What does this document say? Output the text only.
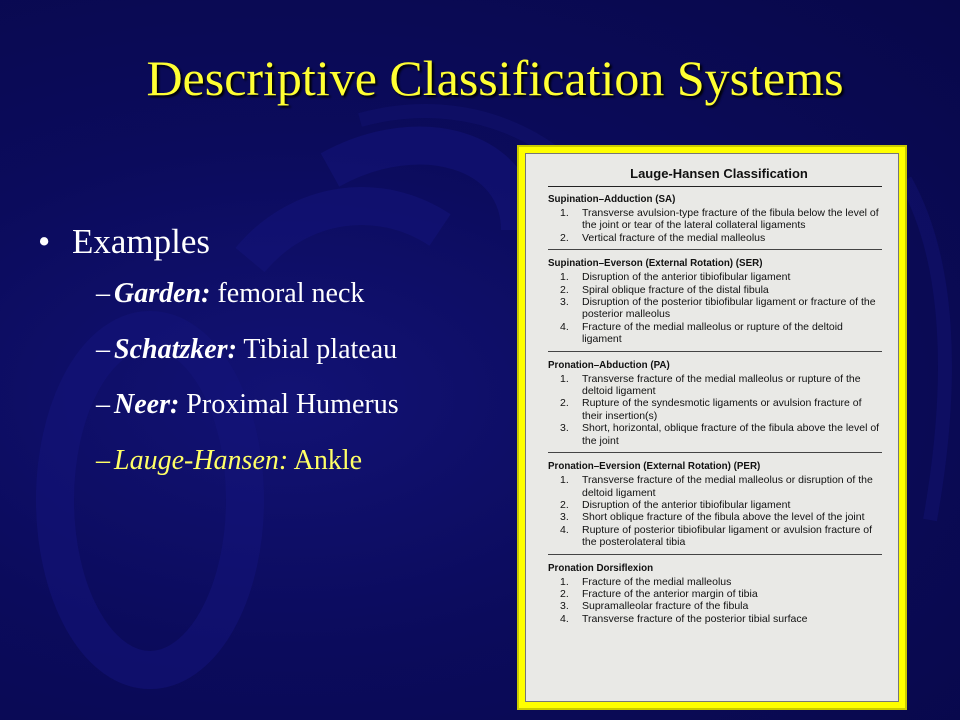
Descriptive Classification Systems
• Examples
– Garden: femoral neck
– Schatzker: Tibial plateau
– Neer: Proximal Humerus
– Lauge-Hansen: Ankle
Lauge-Hansen Classification
Supination–Adduction (SA)
1.	Transverse avulsion-type fracture of the fibula below the level of the joint or tear of the lateral collateral ligaments
2.	Vertical fracture of the medial malleolus
Supination–Everson (External Rotation) (SER)
1.	Disruption of the anterior tibiofibular ligament
2.	Spiral oblique fracture of the distal fibula
3.	Disruption of the posterior tibiofibular ligament or fracture of the posterior malleolus
4.	Fracture of the medial malleolus or rupture of the deltoid ligament
Pronation–Abduction (PA)
1.	Transverse fracture of the medial malleolus or rupture of the deltoid ligament
2.	Rupture of the syndesmotic ligaments or avulsion fracture of their insertion(s)
3.	Short, horizontal, oblique fracture of the fibula above the level of the joint
Pronation–Eversion (External Rotation) (PER)
1.	Transverse fracture of the medial malleolus or disruption of the deltoid ligament
2.	Disruption of the anterior tibiofibular ligament
3.	Short oblique fracture of the fibula above the level of the joint
4.	Rupture of posterior tibiofibular ligament or avulsion fracture of the posterolateral tibia
Pronation Dorsiflexion
1.	Fracture of the medial malleolus
2.	Fracture of the anterior margin of tibia
3.	Supramalleolar fracture of the fibula
4.	Transverse fracture of the posterior tibial surface
